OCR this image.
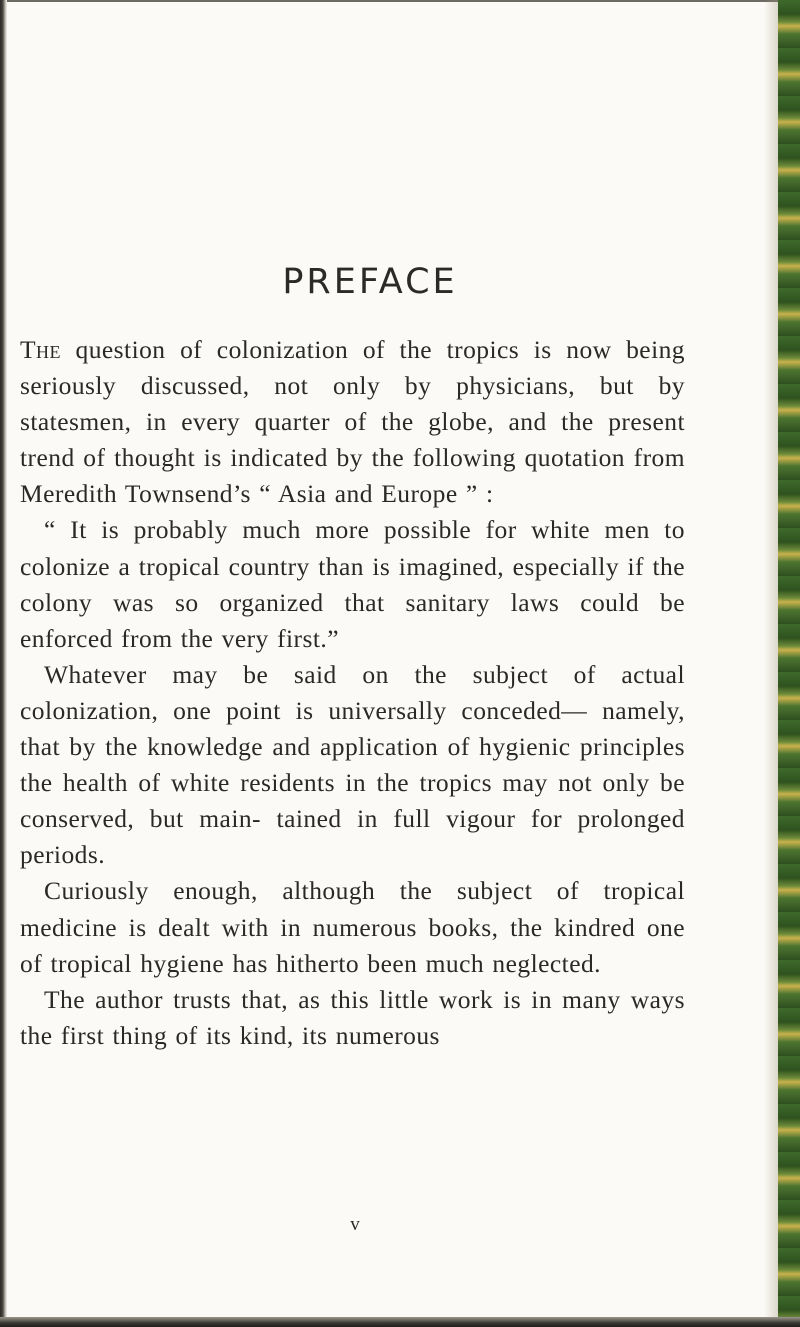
PREFACE

The question of colonization of the tropics is now being seriously discussed, not only by physicians, but by statesmen, in every quarter of the globe, and the present trend of thought is indicated by the following quotation from Meredith Townsend’s “ Asia and Europe ” :

“ It is probably much more possible for white men to colonize a tropical country than is imagined, especially if the colony was so organized that sanitary laws could be enforced from the very first.”

Whatever may be said on the subject of actual colonization, one point is universally conceded— namely, that by the knowledge and application of hygienic principles the health of white residents in the tropics may not only be conserved, but main- tained in full vigour for prolonged periods.

Curiously enough, although the subject of tropical medicine is dealt with in numerous books, the kindred one of tropical hygiene has hitherto been much neglected.

The author trusts that, as this little work is in many ways the first thing of its kind, its numerous

v
